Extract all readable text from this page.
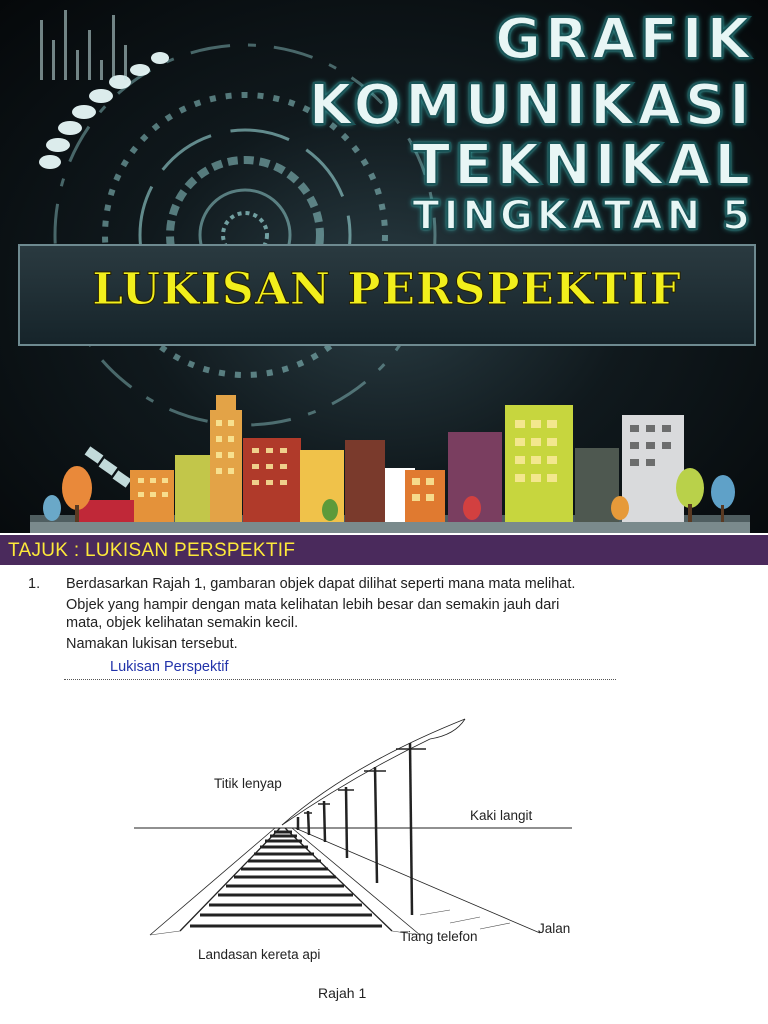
GRAFIK
KOMUNIKASI
TEKNIKAL
TINGKATAN 5
LUKISAN PERSPEKTIF
TAJUK : LUKISAN PERSPEKTIF
1. Berdasarkan Rajah 1, gambaran objek dapat dilihat seperti mana mata melihat.
Objek yang hampir dengan mata kelihatan lebih besar dan semakin jauh dari
mata, objek kelihatan semakin kecil.
Namakan lukisan tersebut.
Lukisan Perspektif
Titik lenyap
Kaki langit
Tiang telefon
Jalan
Landasan kereta api
Rajah 1
